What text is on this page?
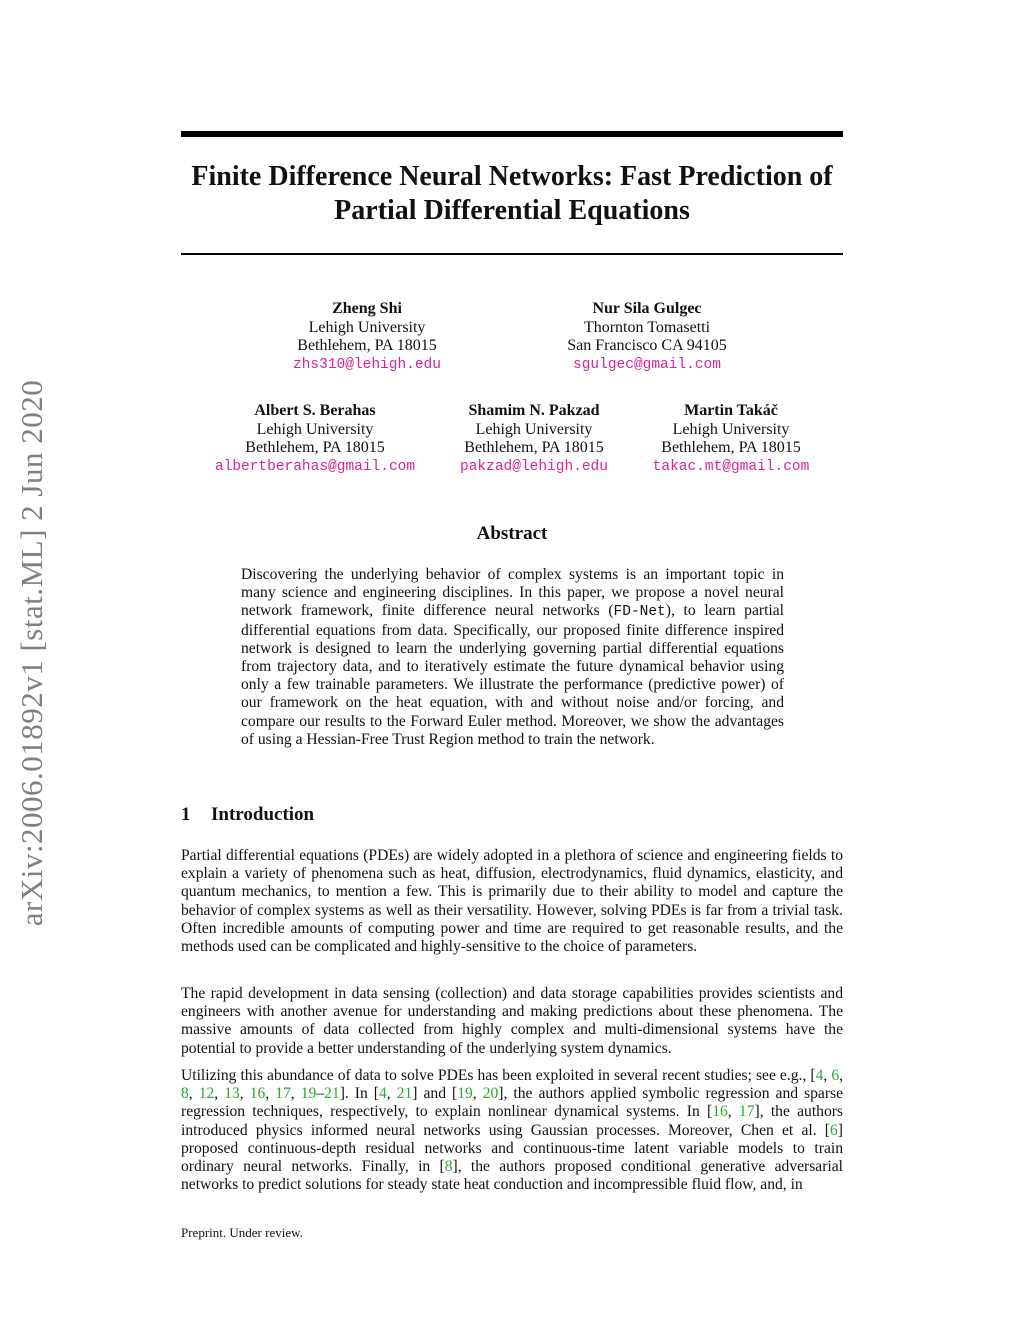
arXiv:2006.01892v1 [stat.ML] 2 Jun 2020
Finite Difference Neural Networks: Fast Prediction of Partial Differential Equations
Zheng Shi
Lehigh University
Bethlehem, PA 18015
zhs310@lehigh.edu
Nur Sila Gulgec
Thornton Tomasetti
San Francisco CA 94105
sgulgec@gmail.com
Albert S. Berahas
Lehigh University
Bethlehem, PA 18015
albertberahas@gmail.com
Shamim N. Pakzad
Lehigh University
Bethlehem, PA 18015
pakzad@lehigh.edu
Martin Takáč
Lehigh University
Bethlehem, PA 18015
takac.mt@gmail.com
Abstract

Discovering the underlying behavior of complex systems is an important topic in many science and engineering disciplines. In this paper, we propose a novel neural network framework, finite difference neural networks (FD-Net), to learn partial differential equations from data. Specifically, our proposed finite difference inspired network is designed to learn the underlying governing partial differential equations from trajectory data, and to iteratively estimate the future dynamical behavior using only a few trainable parameters. We illustrate the performance (predictive power) of our framework on the heat equation, with and without noise and/or forcing, and compare our results to the Forward Euler method. Moreover, we show the advantages of using a Hessian-Free Trust Region method to train the network.

1 Introduction

Partial differential equations (PDEs) are widely adopted in a plethora of science and engineering fields to explain a variety of phenomena such as heat, diffusion, electrodynamics, fluid dynamics, elasticity, and quantum mechanics, to mention a few. This is primarily due to their ability to model and capture the behavior of complex systems as well as their versatility. However, solving PDEs is far from a trivial task. Often incredible amounts of computing power and time are required to get reasonable results, and the methods used can be complicated and highly-sensitive to the choice of parameters.

The rapid development in data sensing (collection) and data storage capabilities provides scientists and engineers with another avenue for understanding and making predictions about these phenomena. The massive amounts of data collected from highly complex and multi-dimensional systems have the potential to provide a better understanding of the underlying system dynamics.

Utilizing this abundance of data to solve PDEs has been exploited in several recent studies; see e.g., [4, 6, 8, 12, 13, 16, 17, 19–21]. In [4, 21] and [19, 20], the authors applied symbolic regression and sparse regression techniques, respectively, to explain nonlinear dynamical systems. In [16, 17], the authors introduced physics informed neural networks using Gaussian processes. Moreover, Chen et al. [6] proposed continuous-depth residual networks and continuous-time latent variable models to train ordinary neural networks. Finally, in [8], the authors proposed conditional generative adversarial networks to predict solutions for steady state heat conduction and incompressible fluid flow, and, in

Preprint. Under review.
